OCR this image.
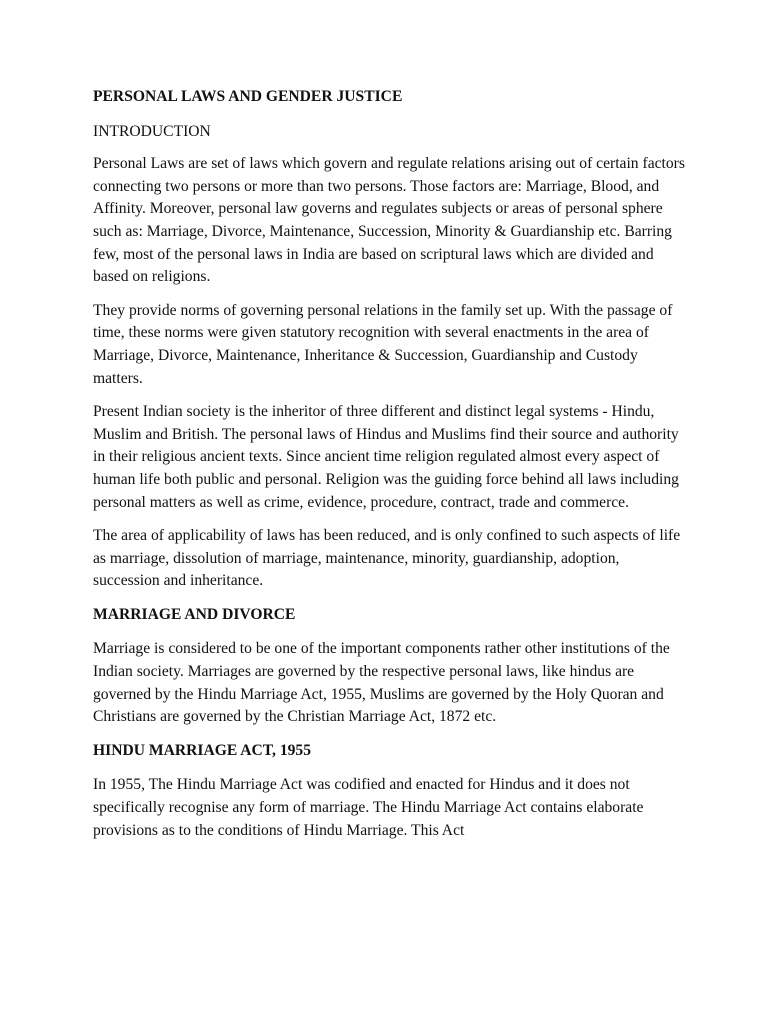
PERSONAL LAWS AND GENDER JUSTICE
INTRODUCTION

Personal Laws are set of laws which govern and regulate relations arising out of certain factors connecting two persons or more than two persons. Those factors are: Marriage, Blood, and Affinity. Moreover, personal law governs and regulates subjects or areas of personal sphere such as: Marriage, Divorce, Maintenance, Succession, Minority & Guardianship etc. Barring few, most of the personal laws in India are based on scriptural laws which are divided and based on religions.

They provide norms of governing personal relations in the family set up. With the passage of time, these norms were given statutory recognition with several enactments in the area of Marriage, Divorce, Maintenance, Inheritance & Succession, Guardianship and Custody matters.

Present Indian society is the inheritor of three different and distinct legal systems - Hindu, Muslim and British. The personal laws of Hindus and Muslims find their source and authority in their religious ancient texts. Since ancient time religion regulated almost every aspect of human life both public and personal. Religion was the guiding force behind all laws including personal matters as well as crime, evidence, procedure, contract, trade and commerce.

The area of applicability of laws has been reduced, and is only confined to such aspects of life as marriage, dissolution of marriage, maintenance, minority, guardianship, adoption, succession and inheritance.

MARRIAGE AND DIVORCE

Marriage is considered to be one of the important components rather other institutions of the Indian society. Marriages are governed by the respective personal laws, like hindus are governed by the Hindu Marriage Act, 1955, Muslims are governed by the Holy Quoran and Christians are governed by the Christian Marriage Act, 1872 etc.

HINDU MARRIAGE ACT, 1955

In 1955, The Hindu Marriage Act was codified and enacted for Hindus and it does not specifically recognise any form of marriage. The Hindu Marriage Act contains elaborate provisions as to the conditions of Hindu Marriage. This Act
